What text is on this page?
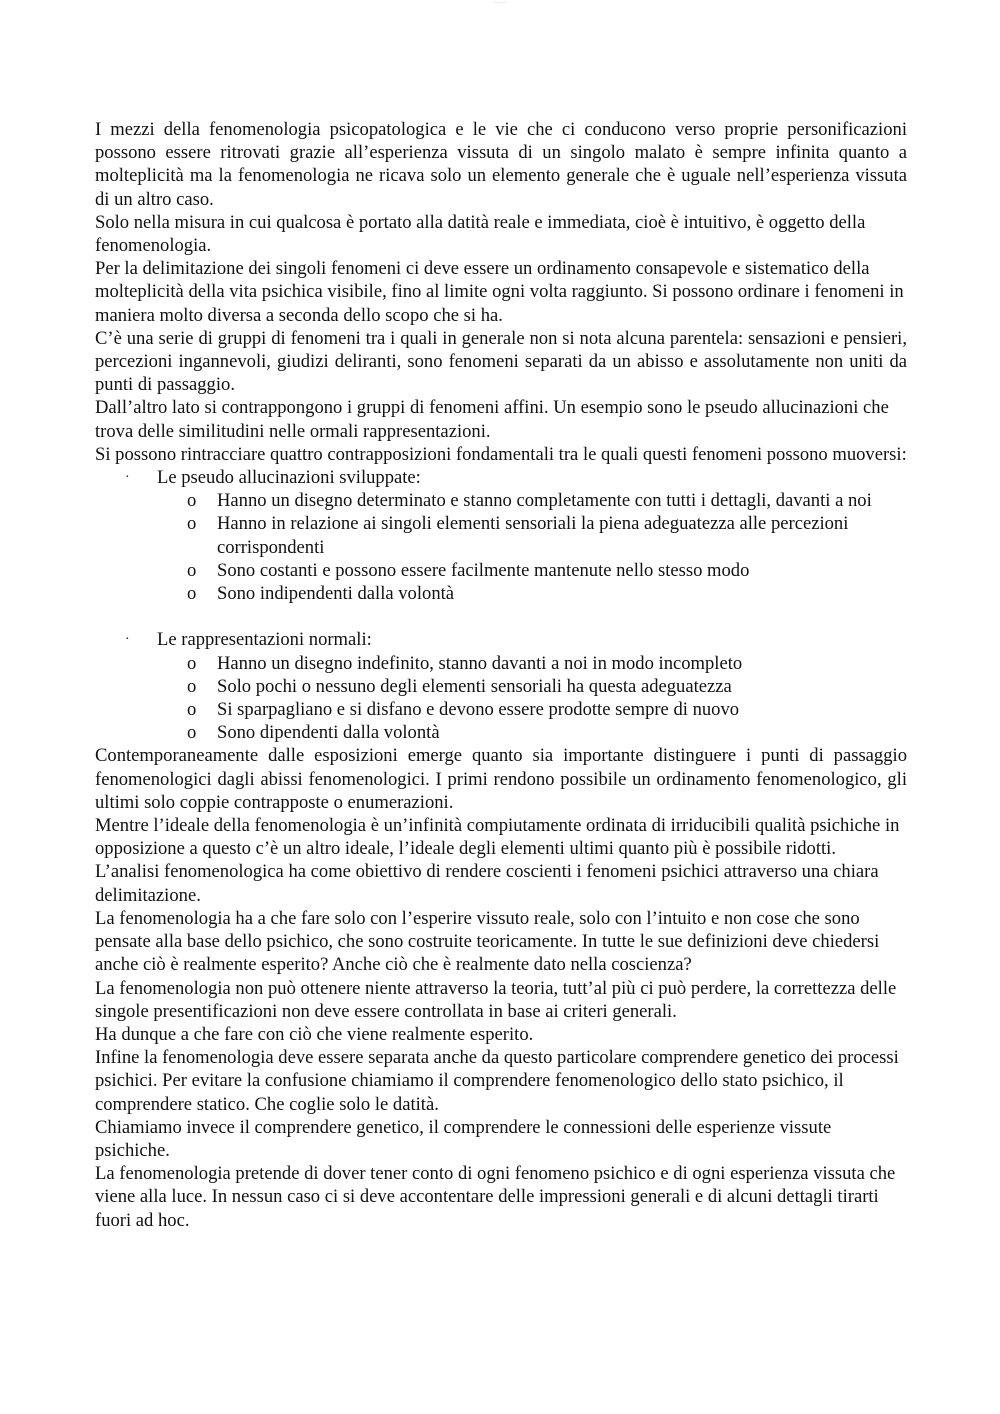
~~ ~~~

I mezzi della fenomenologia psicopatologica e le vie che ci conducono verso proprie personificazioni possono essere ritrovati grazie all’esperienza vissuta di un singolo malato è sempre infinita quanto a molteplicità ma la fenomenologia ne ricava solo un elemento generale che è uguale nell’esperienza vissuta di un altro caso.

Solo nella misura in cui qualcosa è portato alla datità reale e immediata, cioè è intuitivo, è oggetto della fenomenologia.

Per la delimitazione dei singoli fenomeni ci deve essere un ordinamento consapevole e sistematico della molteplicità della vita psichica visibile, fino al limite ogni volta raggiunto. Si possono ordinare i fenomeni in maniera molto diversa a seconda dello scopo che si ha.

C’è una serie di gruppi di fenomeni tra i quali in generale non si nota alcuna parentela: sensazioni e pensieri, percezioni ingannevoli, giudizi deliranti, sono fenomeni separati da un abisso e assolutamente non uniti da punti di passaggio.

Dall’altro lato si contrappongono i gruppi di fenomeni affini. Un esempio sono le pseudo allucinazioni che trova delle similitudini nelle ormali rappresentazioni.

Si possono rintracciare quattro contrapposizioni fondamentali tra le quali questi fenomeni possono muoversi:

· Le pseudo allucinazioni sviluppate:
o Hanno un disegno determinato e stanno completamente con tutti i dettagli, davanti a noi
o Hanno in relazione ai singoli elementi sensoriali la piena adeguatezza alle percezioni corrispondenti
o Sono costanti e possono essere facilmente mantenute nello stesso modo
o Sono indipendenti dalla volontà
· Le rappresentazioni normali:
o Hanno un disegno indefinito, stanno davanti a noi in modo incompleto
o Solo pochi o nessuno degli elementi sensoriali ha questa adeguatezza
o Si sparpagliano e si disfano e devono essere prodotte sempre di nuovo
o Sono dipendenti dalla volontà

Contemporaneamente dalle esposizioni emerge quanto sia importante distinguere i punti di passaggio fenomenologici dagli abissi fenomenologici. I primi rendono possibile un ordinamento fenomenologico, gli ultimi solo coppie contrapposte o enumerazioni.

Mentre l’ideale della fenomenologia è un’infinità compiutamente ordinata di irriducibili qualità psichiche in opposizione a questo c’è un altro ideale, l’ideale degli elementi ultimi quanto più è possibile ridotti.

L’analisi fenomenologica ha come obiettivo di rendere coscienti i fenomeni psichici attraverso una chiara delimitazione.

La fenomenologia ha a che fare solo con l’esperire vissuto reale, solo con l’intuito e non cose che sono pensate alla base dello psichico, che sono costruite teoricamente. In tutte le sue definizioni deve chiedersi anche ciò è realmente esperito? Anche ciò che è realmente dato nella coscienza?

La fenomenologia non può ottenere niente attraverso la teoria, tutt’al più ci può perdere, la correttezza delle singole presentificazioni non deve essere controllata in base ai criteri generali.

Ha dunque a che fare con ciò che viene realmente esperito.

Infine la fenomenologia deve essere separata anche da questo particolare comprendere genetico dei processi psichici. Per evitare la confusione chiamiamo il comprendere fenomenologico dello stato psichico, il comprendere statico. Che coglie solo le datità.

Chiamiamo invece il comprendere genetico, il comprendere le connessioni delle esperienze vissute psichiche.

La fenomenologia pretende di dover tener conto di ogni fenomeno psichico e di ogni esperienza vissuta che viene alla luce. In nessun caso ci si deve accontentare delle impressioni generali e di alcuni dettagli tirarti fuori ad hoc.
